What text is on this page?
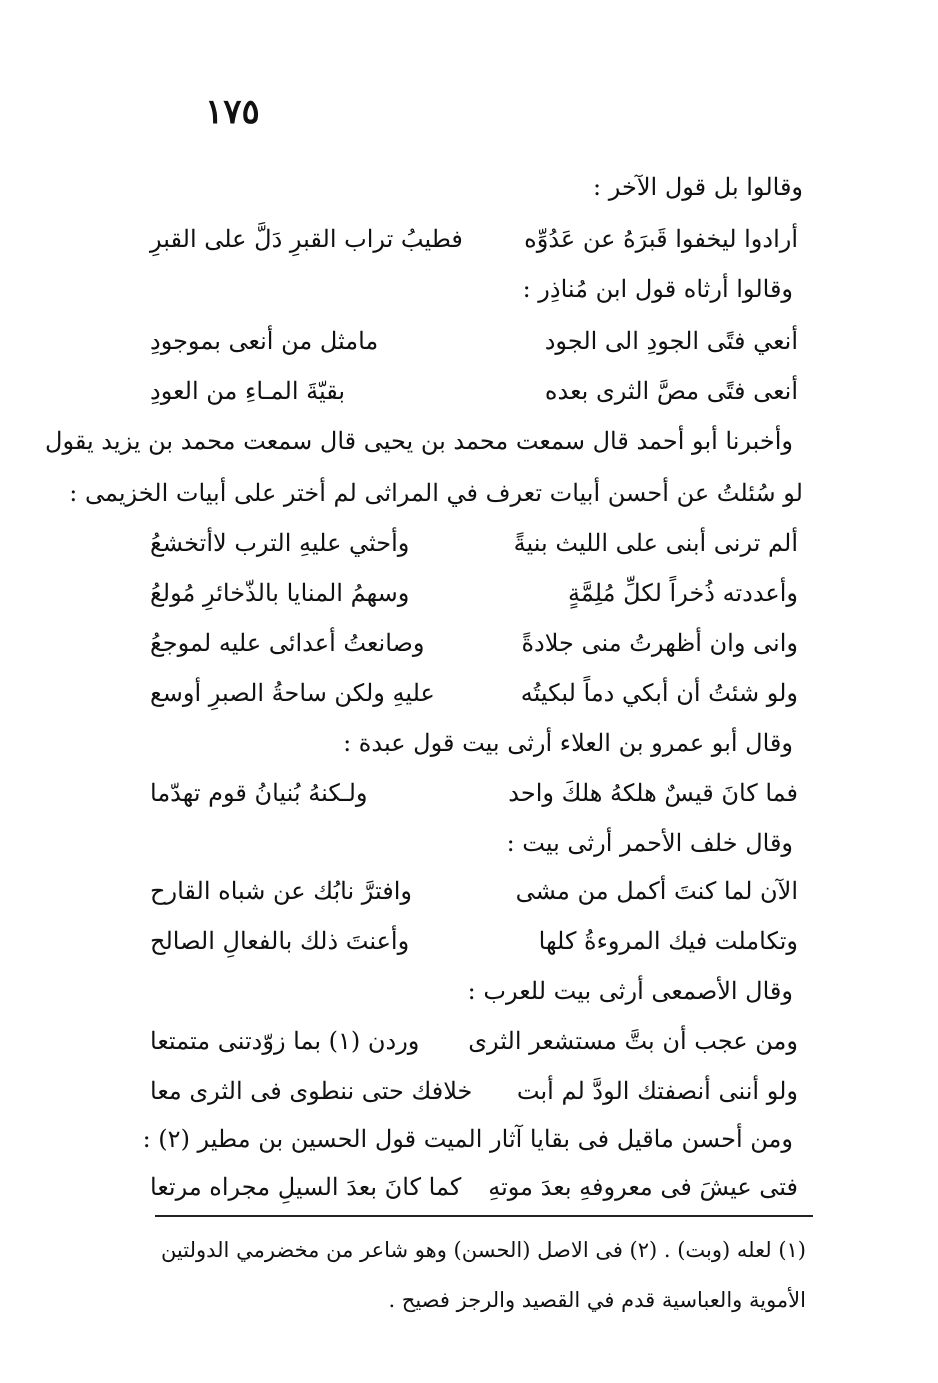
١٧٥
وقالوا بل قول الآخر :
أرادوا ليخفوا قَبرَهُ عن عَدُوِّه
فطيبُ تراب القبرِ دَلَّ على القبرِ
وقالوا أرثاه قول ابن مُناذِر :
أنعي فتًى الجودِ الى الجود
مامثل من أنعى بموجودِ
أنعى فتًى مصَّ الثرى بعده
بقيّةَ المـاءِ من العودِ
وأخبرنا أبو أحمد قال سمعت محمد بن يحيى قال سمعت محمد بن يزيد يقول
لو سُئلتُ عن أحسن أبيات تعرف في المراثى لم أختر على أبيات الخزيمى :
ألم ترنى أبنى على الليث بنيةً
وأحثي عليهِ الترب لاأتخشعُ
وأعددته ذُخراً لكلِّ مُلِمَّةٍ
وسهمُ المنايا بالذّخائرِ مُولعُ
وانى وان أظهرتُ منى جلادةً
وصانعتُ أعدائى عليه لموجعُ
ولو شئتُ أن أبكي دماً لبكيتُه
عليهِ ولكن ساحةُ الصبرِ أوسع
وقال أبو عمرو بن العلاء أرثى بيت قول عبدة :
فما كانَ قيسٌ هلكهُ هلكَ واحد
ولـكنهُ بُنيانُ قوم تهدّما
وقال خلف الأحمر أرثى بيت :
الآن لما كنتَ أكمل من مشى
وافترَّ نابُك عن شباه القارح
وتكاملت فيك المروءةُ كلها
وأعنتَ ذلك بالفعالِ الصالح
وقال الأصمعى أرثى بيت للعرب :
ومن عجب أن بتَّ مستشعر الثرى
وردن (١) بما زوّدتنى متمتعا
ولو أننى أنصفتك الودَّ لم أبت
خلافك حتى ننطوى فى الثرى معا
ومن أحسن ماقيل فى بقايا آثار الميت قول الحسين بن مطير (٢) :
فتى عيشَ فى معروفهِ بعدَ موتهِ
كما كانَ بعدَ السيلِ مجراه مرتعا
(١) لعله (وبت) . (٢) فى الاصل (الحسن) وهو شاعر من مخضرمي الدولتين
الأموية والعباسية قدم في القصيد والرجز فصيح .
